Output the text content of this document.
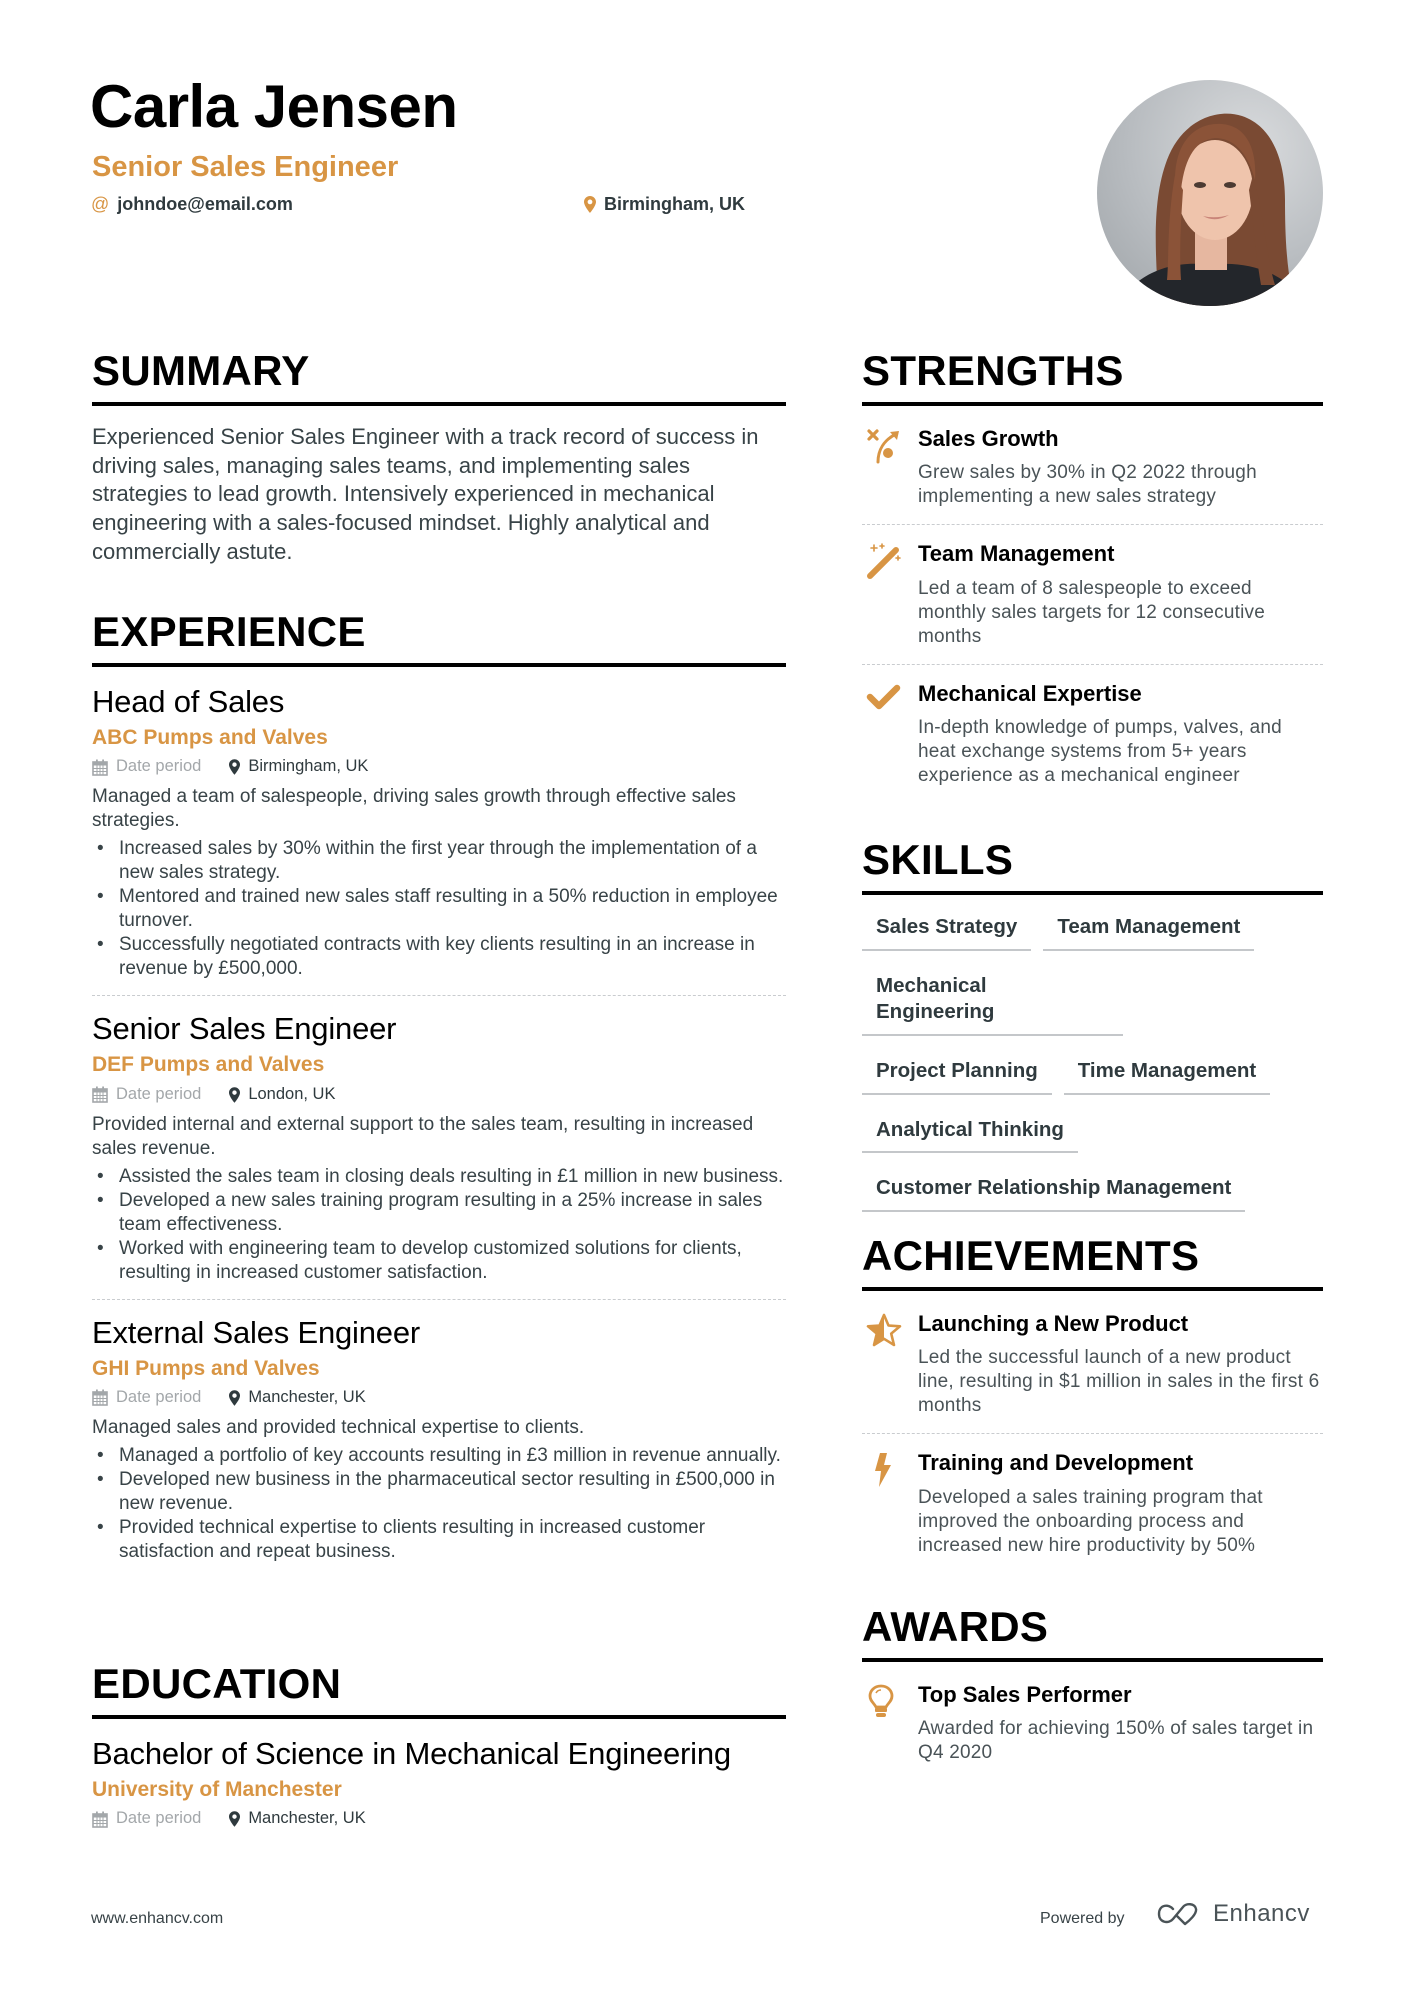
Carla Jensen
Senior Sales Engineer
@ johndoe@email.com	Birmingham, UK
SUMMARY

Experienced Senior Sales Engineer with a track record of success in driving sales, managing sales teams, and implementing sales strategies to lead growth. Intensively experienced in mechanical engineering with a sales-focused mindset. Highly analytical and commercially astute.

EXPERIENCE
Head of Sales
ABC Pumps and Valves
Date period	Birmingham, UK

Managed a team of salespeople, driving sales growth through effective sales strategies.

• Increased sales by 30% within the first year through the implementation of a new sales strategy.
• Mentored and trained new sales staff resulting in a 50% reduction in employee turnover.
• Successfully negotiated contracts with key clients resulting in an increase in revenue by £500,000.
Senior Sales Engineer
DEF Pumps and Valves
Date period	London, UK

Provided internal and external support to the sales team, resulting in increased sales revenue.

• Assisted the sales team in closing deals resulting in £1 million in new business.
• Developed a new sales training program resulting in a 25% increase in sales team effectiveness.
• Worked with engineering team to develop customized solutions for clients, resulting in increased customer satisfaction.
External Sales Engineer
GHI Pumps and Valves
Date period	Manchester, UK

Managed sales and provided technical expertise to clients.

• Managed a portfolio of key accounts resulting in £3 million in revenue annually.
• Developed new business in the pharmaceutical sector resulting in £500,000 in new revenue.
• Provided technical expertise to clients resulting in increased customer satisfaction and repeat business.
EDUCATION
Bachelor of Science in Mechanical Engineering
University of Manchester
Date period	Manchester, UK
STRENGTHS
Sales Growth
Grew sales by 30% in Q2 2022 through implementing a new sales strategy
Team Management
Led a team of 8 salespeople to exceed monthly sales targets for 12 consecutive months
Mechanical Expertise
In-depth knowledge of pumps, valves, and heat exchange systems from 5+ years experience as a mechanical engineer
SKILLS
Sales Strategy	Team Management
Mechanical Engineering
Project Planning	Time Management
Analytical Thinking
Customer Relationship Management
ACHIEVEMENTS
Launching a New Product
Led the successful launch of a new product line, resulting in $1 million in sales in the first 6 months
Training and Development
Developed a sales training program that improved the onboarding process and increased new hire productivity by 50%
AWARDS
Top Sales Performer
Awarded for achieving 150% of sales target in Q4 2020
www.enhancv.com	Powered by	Enhancv
